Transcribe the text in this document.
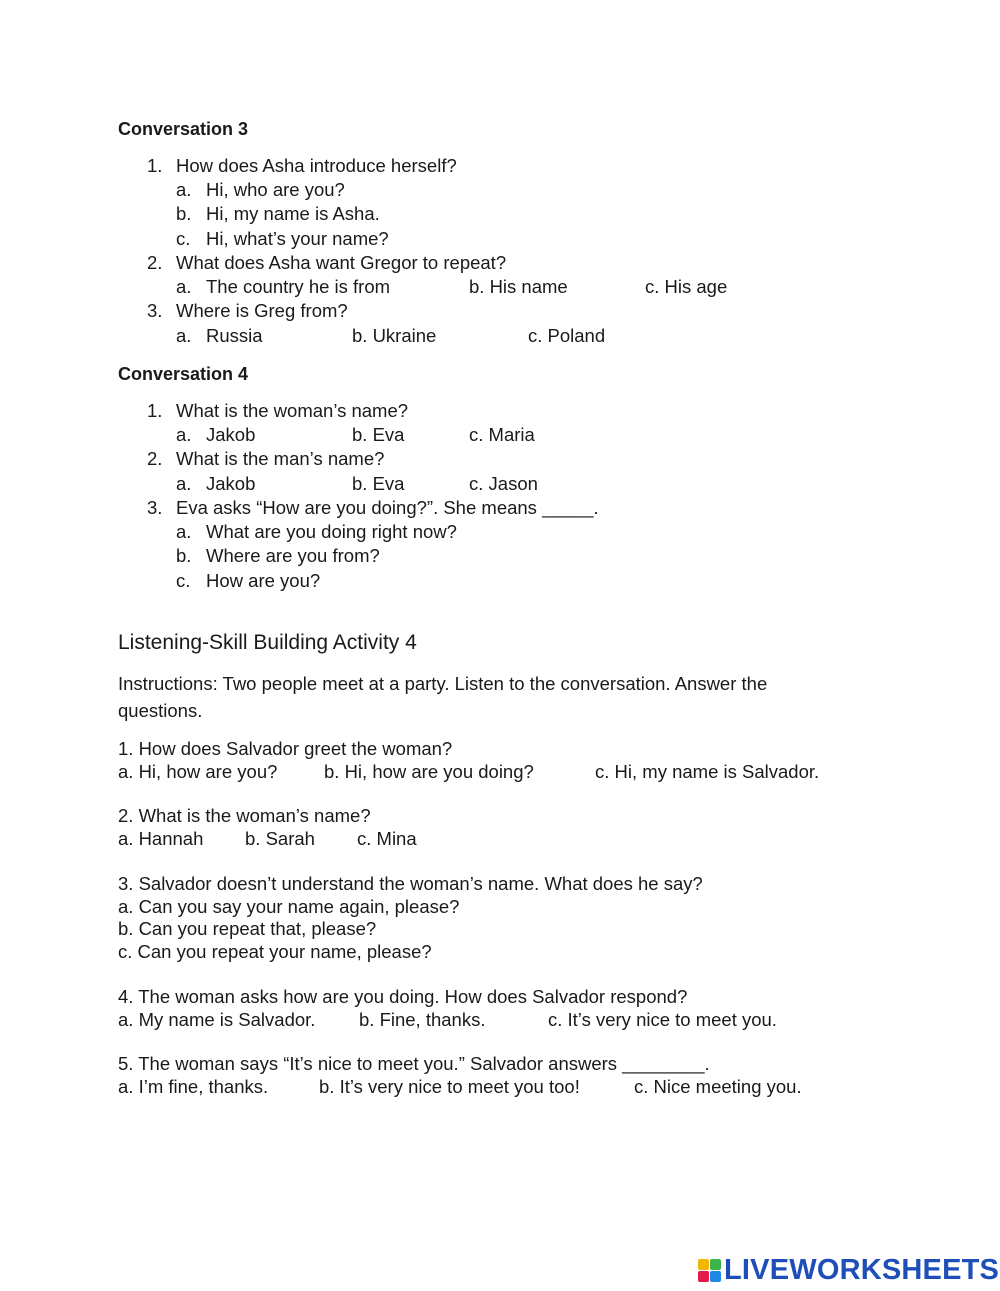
Conversation 3
1. How does Asha introduce herself?
a. Hi, who are you?
b. Hi, my name is Asha.
c. Hi, what’s your name?
2. What does Asha want Gregor to repeat?
a. The country he is from	b. His name	c. His age
3. Where is Greg from?
a. Russia	b. Ukraine	c. Poland
Conversation 4
1. What is the woman’s name?
a. Jakob	b. Eva	c. Maria
2. What is the man’s name?
a. Jakob	b. Eva	c. Jason
3. Eva asks “How are you doing?”. She means _____.
a. What are you doing right now?
b. Where are you from?
c. How are you?
Listening-Skill Building Activity 4
Instructions: Two people meet at a party. Listen to the conversation. Answer the
questions.
1. How does Salvador greet the woman?
a. Hi, how are you?	b. Hi, how are you doing?	c. Hi, my name is Salvador.
2. What is the woman’s name?
a. Hannah b. Sarah c. Mina
3. Salvador doesn’t understand the woman’s name. What does he say?
a. Can you say your name again, please?
b. Can you repeat that, please?
c. Can you repeat your name, please?
4. The woman asks how are you doing. How does Salvador respond?
a. My name is Salvador. b. Fine, thanks.	c. It’s very nice to meet you.
5. The woman says “It’s nice to meet you.” Salvador answers ________.
a. I’m fine, thanks.	b. It’s very nice to meet you too!	c. Nice meeting you.
LIVEWORKSHEETS
